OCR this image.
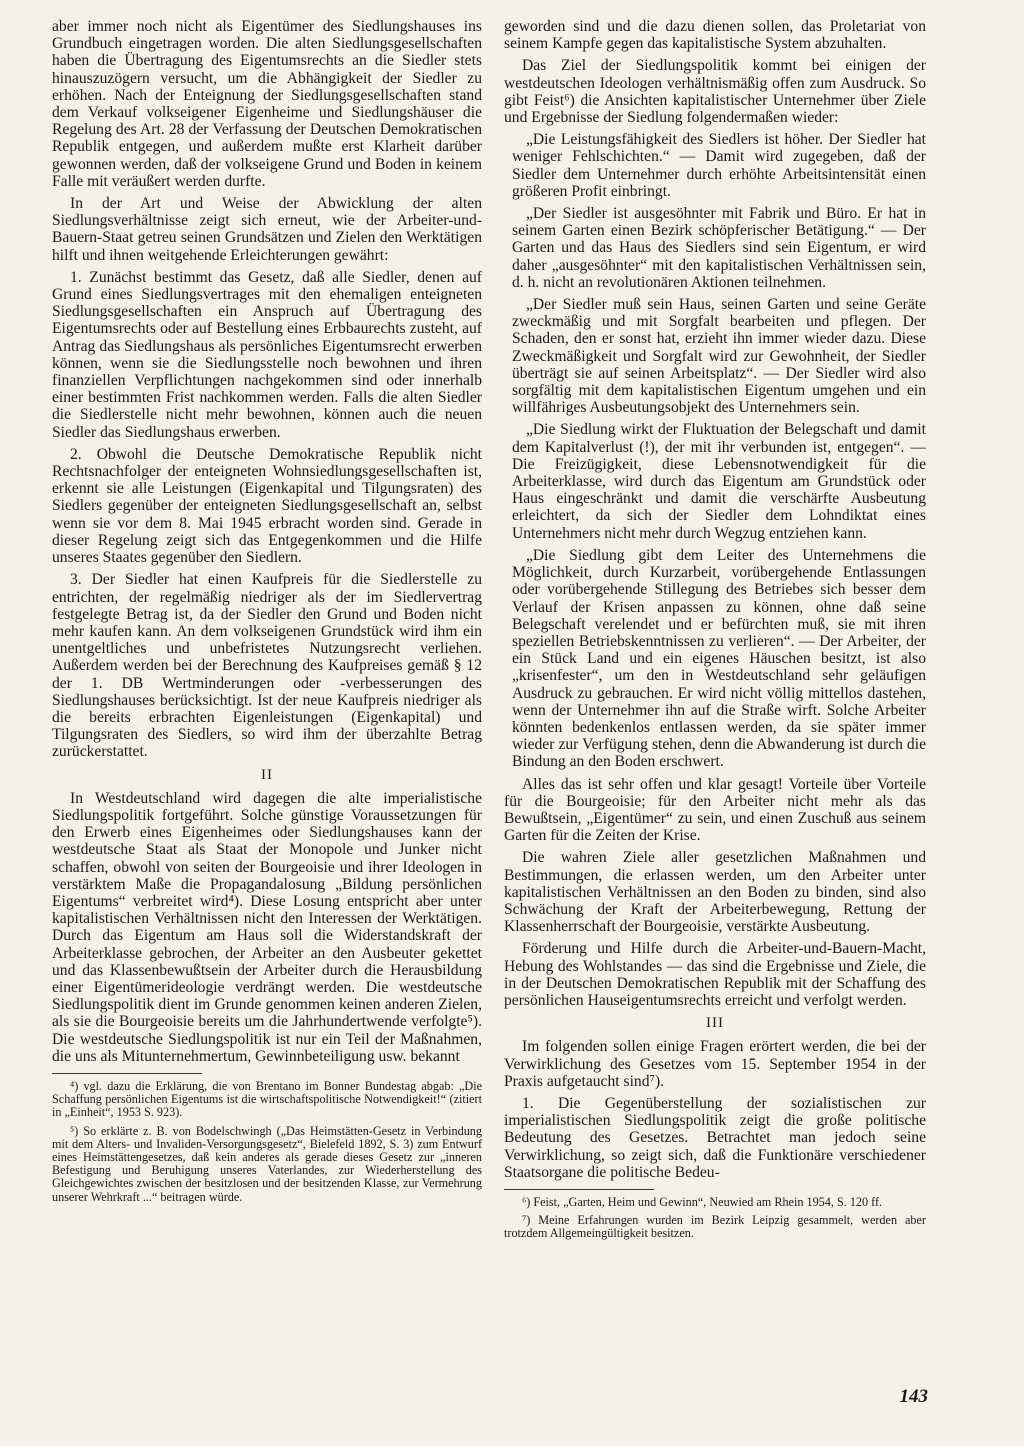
aber immer noch nicht als Eigentümer des Siedlungshauses ins Grundbuch eingetragen worden. Die alten Siedlungsgesellschaften haben die Übertragung des Eigentumsrechts an die Siedler stets hinauszuzögern versucht, um die Abhängigkeit der Siedler zu erhöhen. Nach der Enteignung der Siedlungsgesellschaften stand dem Verkauf volkseigener Eigenheime und Siedlungshäuser die Regelung des Art. 28 der Verfassung der Deutschen Demokratischen Republik entgegen, und außerdem mußte erst Klarheit darüber gewonnen werden, daß der volkseigene Grund und Boden in keinem Falle mit veräußert werden durfte.

In der Art und Weise der Abwicklung der alten Siedlungsverhältnisse zeigt sich erneut, wie der Arbeiter-und-Bauern-Staat getreu seinen Grundsätzen und Zielen den Werktätigen hilft und ihnen weitgehende Erleichterungen gewährt:

1. Zunächst bestimmt das Gesetz, daß alle Siedler, denen auf Grund eines Siedlungsvertrages mit den ehemaligen enteigneten Siedlungsgesellschaften ein Anspruch auf Übertragung des Eigentumsrechts oder auf Bestellung eines Erbbaurechts zusteht, auf Antrag das Siedlungshaus als persönliches Eigentumsrecht erwerben können, wenn sie die Siedlungsstelle noch bewohnen und ihren finanziellen Verpflichtungen nachgekommen sind oder innerhalb einer bestimmten Frist nachkommen werden. Falls die alten Siedler die Siedlerstelle nicht mehr bewohnen, können auch die neuen Siedler das Siedlungshaus erwerben.

2. Obwohl die Deutsche Demokratische Republik nicht Rechtsnachfolger der enteigneten Wohnsiedlungsgesellschaften ist, erkennt sie alle Leistungen (Eigenkapital und Tilgungsraten) des Siedlers gegenüber der enteigneten Siedlungsgesellschaft an, selbst wenn sie vor dem 8. Mai 1945 erbracht worden sind. Gerade in dieser Regelung zeigt sich das Entgegenkommen und die Hilfe unseres Staates gegenüber den Siedlern.

3. Der Siedler hat einen Kaufpreis für die Siedlerstelle zu entrichten, der regelmäßig niedriger als der im Siedlervertrag festgelegte Betrag ist, da der Siedler den Grund und Boden nicht mehr kaufen kann. An dem volkseigenen Grundstück wird ihm ein unentgeltliches und unbefristetes Nutzungsrecht verliehen. Außerdem werden bei der Berechnung des Kaufpreises gemäß § 12 der 1. DB Wertminderungen oder -verbesserungen des Siedlungshauses berücksichtigt. Ist der neue Kaufpreis niedriger als die bereits erbrachten Eigenleistungen (Eigenkapital) und Tilgungsraten des Siedlers, so wird ihm der überzahlte Betrag zurückerstattet.

II

In Westdeutschland wird dagegen die alte imperialistische Siedlungspolitik fortgeführt. Solche günstige Voraussetzungen für den Erwerb eines Eigenheimes oder Siedlungshauses kann der westdeutsche Staat als Staat der Monopole und Junker nicht schaffen, obwohl von seiten der Bourgeoisie und ihrer Ideologen in verstärktem Maße die Propagandalosung „Bildung persönlichen Eigentums“ verbreitet wird⁴). Diese Losung entspricht aber unter kapitalistischen Verhältnissen nicht den Interessen der Werktätigen. Durch das Eigentum am Haus soll die Widerstandskraft der Arbeiterklasse gebrochen, der Arbeiter an den Ausbeuter gekettet und das Klassenbewußtsein der Arbeiter durch die Herausbildung einer Eigentümerideologie verdrängt werden. Die westdeutsche Siedlungspolitik dient im Grunde genommen keinen anderen Zielen, als sie die Bourgeoisie bereits um die Jahrhundertwende verfolgte⁵). Die westdeutsche Siedlungspolitik ist nur ein Teil der Maßnahmen, die uns als Mitunternehmertum, Gewinnbeteiligung usw. bekannt

⁴) vgl. dazu die Erklärung, die von Brentano im Bonner Bundestag abgab: „Die Schaffung persönlichen Eigentums ist die wirtschaftspolitische Notwendigkeit!“ (zitiert in „Einheit“, 1953 S. 923).

⁵) So erklärte z. B. von Bodelschwingh („Das Heimstätten-Gesetz in Verbindung mit dem Alters- und Invaliden-Versorgungsgesetz“, Bielefeld 1892, S. 3) zum Entwurf eines Heimstättengesetzes, daß kein anderes als gerade dieses Gesetz zur „inneren Befestigung und Beruhigung unseres Vaterlandes, zur Wiederherstellung des Gleichgewichtes zwischen der besitzlosen und der besitzenden Klasse, zur Vermehrung unserer Wehrkraft ...“ beitragen würde.

geworden sind und die dazu dienen sollen, das Proletariat von seinem Kampfe gegen das kapitalistische System abzuhalten.

Das Ziel der Siedlungspolitik kommt bei einigen der westdeutschen Ideologen verhältnismäßig offen zum Ausdruck. So gibt Feist⁶) die Ansichten kapitalistischer Unternehmer über Ziele und Ergebnisse der Siedlung folgendermaßen wieder:

„Die Leistungsfähigkeit des Siedlers ist höher. Der Siedler hat weniger Fehlschichten.“ — Damit wird zugegeben, daß der Siedler dem Unternehmer durch erhöhte Arbeitsintensität einen größeren Profit einbringt.

„Der Siedler ist ausgesöhnter mit Fabrik und Büro. Er hat in seinem Garten einen Bezirk schöpferischer Betätigung.“ — Der Garten und das Haus des Siedlers sind sein Eigentum, er wird daher „ausgesöhnter“ mit den kapitalistischen Verhältnissen sein, d. h. nicht an revolutionären Aktionen teilnehmen.

„Der Siedler muß sein Haus, seinen Garten und seine Geräte zweckmäßig und mit Sorgfalt bearbeiten und pflegen. Der Schaden, den er sonst hat, erzieht ihn immer wieder dazu. Diese Zweckmäßigkeit und Sorgfalt wird zur Gewohnheit, der Siedler überträgt sie auf seinen Arbeitsplatz“. — Der Siedler wird also sorgfältig mit dem kapitalistischen Eigentum umgehen und ein willfähriges Ausbeutungsobjekt des Unternehmers sein.

„Die Siedlung wirkt der Fluktuation der Belegschaft und damit dem Kapitalverlust (!), der mit ihr verbunden ist, entgegen“. — Die Freizügigkeit, diese Lebensnotwendigkeit für die Arbeiterklasse, wird durch das Eigentum am Grundstück oder Haus eingeschränkt und damit die verschärfte Ausbeutung erleichtert, da sich der Siedler dem Lohndiktat eines Unternehmers nicht mehr durch Wegzug entziehen kann.

„Die Siedlung gibt dem Leiter des Unternehmens die Möglichkeit, durch Kurzarbeit, vorübergehende Entlassungen oder vorübergehende Stillegung des Betriebes sich besser dem Verlauf der Krisen anpassen zu können, ohne daß seine Belegschaft verelendet und er befürchten muß, sie mit ihren speziellen Betriebskenntnissen zu verlieren“. — Der Arbeiter, der ein Stück Land und ein eigenes Häuschen besitzt, ist also „krisenfester“, um den in Westdeutschland sehr geläufigen Ausdruck zu gebrauchen. Er wird nicht völlig mittellos dastehen, wenn der Unternehmer ihn auf die Straße wirft. Solche Arbeiter könnten bedenkenlos entlassen werden, da sie später immer wieder zur Verfügung stehen, denn die Abwanderung ist durch die Bindung an den Boden erschwert.

Alles das ist sehr offen und klar gesagt! Vorteile über Vorteile für die Bourgeoisie; für den Arbeiter nicht mehr als das Bewußtsein, „Eigentümer“ zu sein, und einen Zuschuß aus seinem Garten für die Zeiten der Krise.

Die wahren Ziele aller gesetzlichen Maßnahmen und Bestimmungen, die erlassen werden, um den Arbeiter unter kapitalistischen Verhältnissen an den Boden zu binden, sind also Schwächung der Kraft der Arbeiterbewegung, Rettung der Klassenherrschaft der Bourgeoisie, verstärkte Ausbeutung.

Förderung und Hilfe durch die Arbeiter-und-Bauern-Macht, Hebung des Wohlstandes — das sind die Ergebnisse und Ziele, die in der Deutschen Demokratischen Republik mit der Schaffung des persönlichen Hauseigentumsrechts erreicht und verfolgt werden.

III

Im folgenden sollen einige Fragen erörtert werden, die bei der Verwirklichung des Gesetzes vom 15. September 1954 in der Praxis aufgetaucht sind⁷).

1. Die Gegenüberstellung der sozialistischen zur imperialistischen Siedlungspolitik zeigt die große politische Bedeutung des Gesetzes. Betrachtet man jedoch seine Verwirklichung, so zeigt sich, daß die Funktionäre verschiedener Staatsorgane die politische Bedeu-

⁶) Feist, „Garten, Heim und Gewinn“, Neuwied am Rhein 1954, S. 120 ff.

⁷) Meine Erfahrungen wurden im Bezirk Leipzig gesammelt, werden aber trotzdem Allgemeingültigkeit besitzen.

143
